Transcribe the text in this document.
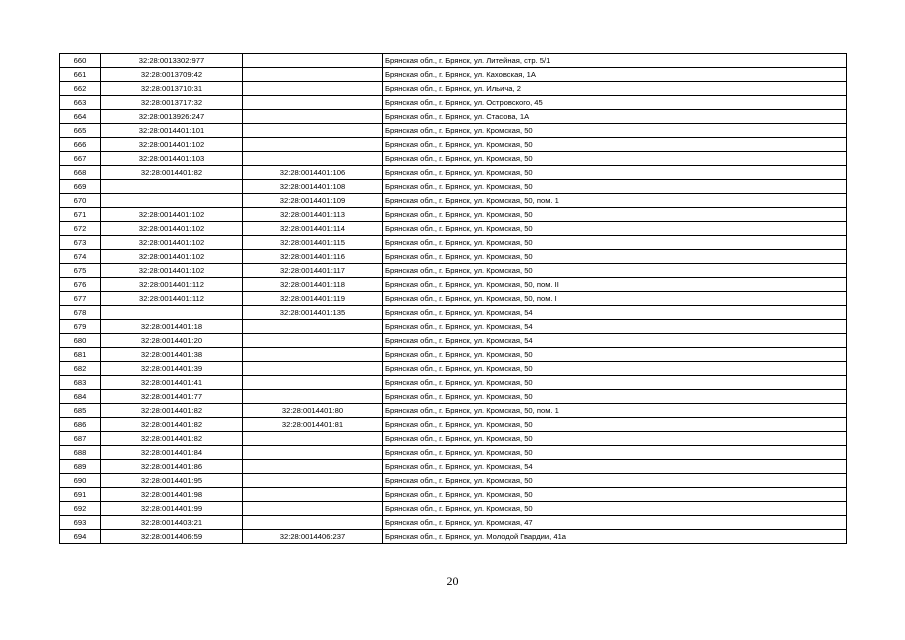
660	32:28:0013302:977		Брянская обл., г. Брянск, ул. Литейная, стр. 5/1
661	32:28:0013709:42		Брянская обл., г. Брянск, ул. Каховская, 1А
662	32:28:0013710:31		Брянская обл., г. Брянск, ул. Ильича, 2
663	32:28:0013717:32		Брянская обл., г. Брянск, ул. Островского, 45
664	32:28:0013926:247		Брянская обл., г. Брянск, ул. Стасова, 1А
665	32:28:0014401:101		Брянская обл., г. Брянск, ул. Кромская, 50
666	32:28:0014401:102		Брянская обл., г. Брянск, ул. Кромская, 50
667	32:28:0014401:103		Брянская обл., г. Брянск, ул. Кромская, 50
668	32:28:0014401:82	32:28:0014401:106	Брянская обл., г. Брянск, ул. Кромская, 50
669		32:28:0014401:108	Брянская обл., г. Брянск, ул. Кромская, 50
670		32:28:0014401:109	Брянская обл., г. Брянск, ул. Кромская, 50, пом. 1
671	32:28:0014401:102	32:28:0014401:113	Брянская обл., г. Брянск, ул. Кромская, 50
672	32:28:0014401:102	32:28:0014401:114	Брянская обл., г. Брянск, ул. Кромская, 50
673	32:28:0014401:102	32:28:0014401:115	Брянская обл., г. Брянск, ул. Кромская, 50
674	32:28:0014401:102	32:28:0014401:116	Брянская обл., г. Брянск, ул. Кромская, 50
675	32:28:0014401:102	32:28:0014401:117	Брянская обл., г. Брянск, ул. Кромская, 50
676	32:28:0014401:112	32:28:0014401:118	Брянская обл., г. Брянск, ул. Кромская, 50, пом. II
677	32:28:0014401:112	32:28:0014401:119	Брянская обл., г. Брянск, ул. Кромская, 50, пом. I
678		32:28:0014401:135	Брянская обл., г. Брянск, ул. Кромская, 54
679	32:28:0014401:18		Брянская обл., г. Брянск, ул. Кромская, 54
680	32:28:0014401:20		Брянская обл., г. Брянск, ул. Кромская, 54
681	32:28:0014401:38		Брянская обл., г. Брянск, ул. Кромская, 50
682	32:28:0014401:39		Брянская обл., г. Брянск, ул. Кромская, 50
683	32:28:0014401:41		Брянская обл., г. Брянск, ул. Кромская, 50
684	32:28:0014401:77		Брянская обл., г. Брянск, ул. Кромская, 50
685	32:28:0014401:82	32:28:0014401:80	Брянская обл., г. Брянск, ул. Кромская, 50, пом. 1
686	32:28:0014401:82	32:28:0014401:81	Брянская обл., г. Брянск, ул. Кромская, 50
687	32:28:0014401:82		Брянская обл., г. Брянск, ул. Кромская, 50
688	32:28:0014401:84		Брянская обл., г. Брянск, ул. Кромская, 50
689	32:28:0014401:86		Брянская обл., г. Брянск, ул. Кромская, 54
690	32:28:0014401:95		Брянская обл., г. Брянск, ул. Кромская, 50
691	32:28:0014401:98		Брянская обл., г. Брянск, ул. Кромская, 50
692	32:28:0014401:99		Брянская обл., г. Брянск, ул. Кромская, 50
693	32:28:0014403:21		Брянская обл., г. Брянск, ул. Кромская, 47
694	32:28:0014406:59	32:28:0014406:237	Брянская обл., г. Брянск, ул. Молодой Гвардии, 41а
20
